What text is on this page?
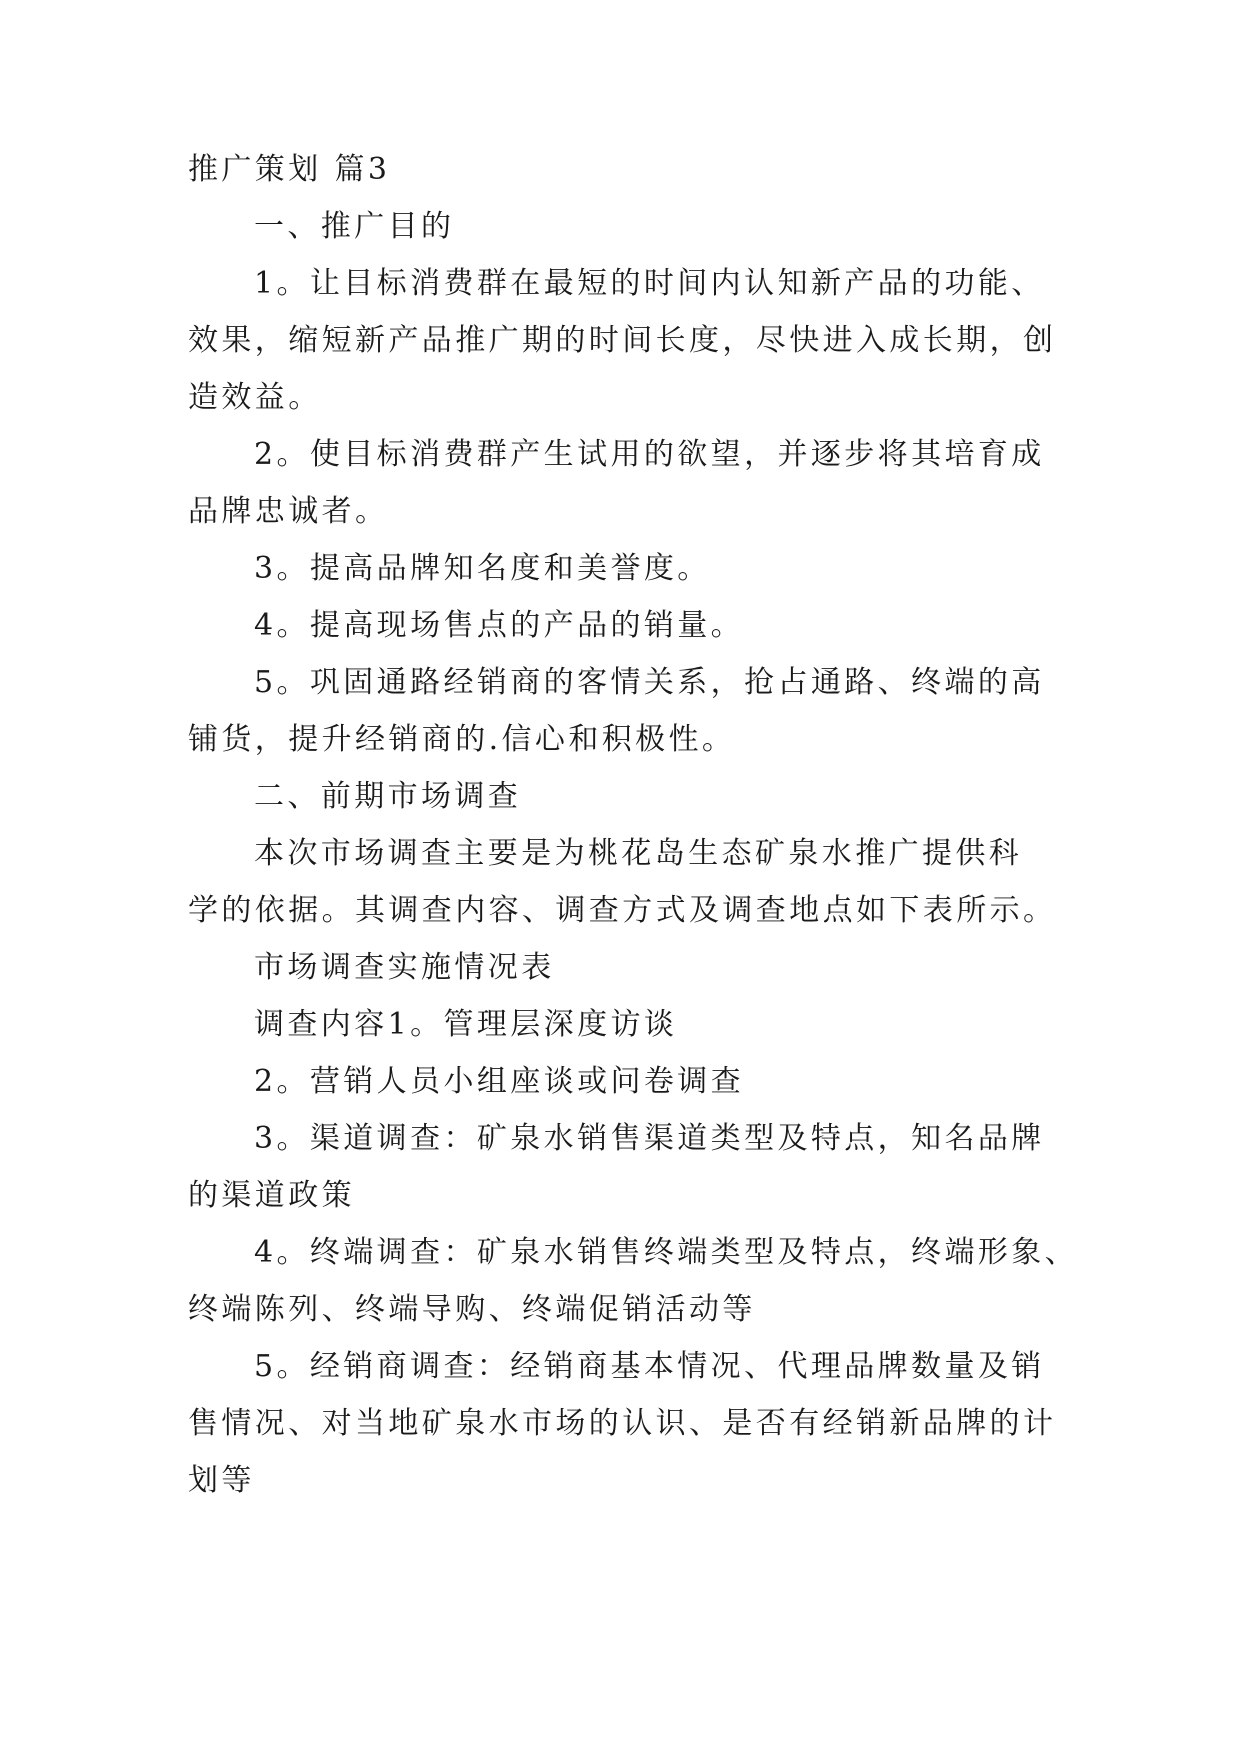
推广策划 篇3
一、推广目的
1。让目标消费群在最短的时间内认知新产品的功能、
效果，缩短新产品推广期的时间长度，尽快进入成长期，创
造效益。
2。使目标消费群产生试用的欲望，并逐步将其培育成
品牌忠诚者。
3。提高品牌知名度和美誉度。
4。提高现场售点的产品的销量。
5。巩固通路经销商的客情关系，抢占通路、终端的高
铺货，提升经销商的.信心和积极性。
二、前期市场调查
本次市场调查主要是为桃花岛生态矿泉水推广提供科
学的依据。其调查内容、调查方式及调查地点如下表所示。
市场调查实施情况表
调查内容1。管理层深度访谈
2。营销人员小组座谈或问卷调查
3。渠道调查：矿泉水销售渠道类型及特点，知名品牌
的渠道政策
4。终端调查：矿泉水销售终端类型及特点，终端形象、
终端陈列、终端导购、终端促销活动等
5。经销商调查：经销商基本情况、代理品牌数量及销
售情况、对当地矿泉水市场的认识、是否有经销新品牌的计
划等
